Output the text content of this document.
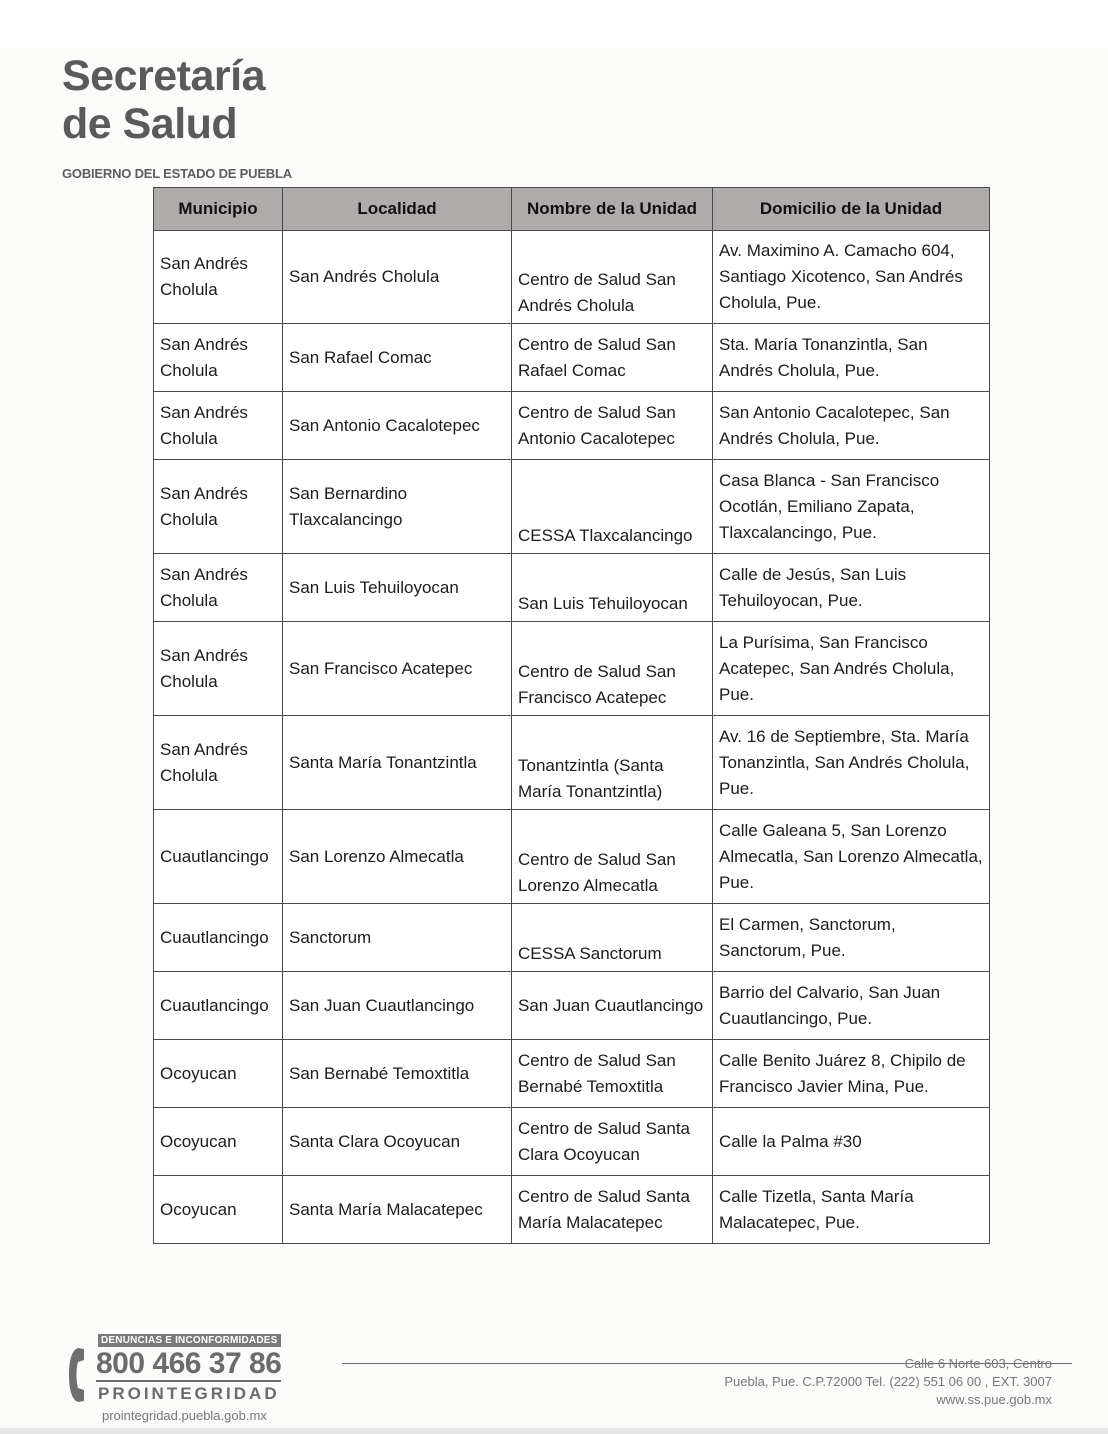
Secretaría
de Salud
GOBIERNO DEL ESTADO DE PUEBLA
Municipio	Localidad	Nombre de la Unidad	Domicilio de la Unidad
San Andrés Cholula	San Andrés Cholula	Centro de Salud San Andrés Cholula	Av. Maximino A. Camacho 604, Santiago Xicotenco, San Andrés Cholula, Pue.
San Andrés Cholula	San Rafael Comac	Centro de Salud San Rafael Comac	Sta. María Tonanzintla, San Andrés Cholula, Pue.
San Andrés Cholula	San Antonio Cacalotepec	Centro de Salud San Antonio Cacalotepec	San Antonio Cacalotepec, San Andrés Cholula, Pue.
San Andrés Cholula	San Bernardino Tlaxcalancingo	CESSA Tlaxcalancingo	Casa Blanca - San Francisco Ocotlán, Emiliano Zapata, Tlaxcalancingo, Pue.
San Andrés Cholula	San Luis Tehuiloyocan	San Luis Tehuiloyocan	Calle de Jesús, San Luis Tehuiloyocan, Pue.
San Andrés Cholula	San Francisco Acatepec	Centro de Salud San Francisco Acatepec	La Purísima, San Francisco Acatepec, San Andrés Cholula, Pue.
San Andrés Cholula	Santa María Tonantzintla	Tonantzintla (Santa María Tonantzintla)	Av. 16 de Septiembre, Sta. María Tonanzintla, San Andrés Cholula, Pue.
Cuautlancingo	San Lorenzo Almecatla	Centro de Salud San Lorenzo Almecatla	Calle Galeana 5, San Lorenzo Almecatla, San Lorenzo Almecatla, Pue.
Cuautlancingo	Sanctorum	CESSA Sanctorum	El Carmen, Sanctorum, Sanctorum, Pue.
Cuautlancingo	San Juan Cuautlancingo	San Juan Cuautlancingo	Barrio del Calvario, San Juan Cuautlancingo, Pue.
Ocoyucan	San Bernabé Temoxtitla	Centro de Salud San Bernabé Temoxtitla	Calle Benito Juárez 8, Chipilo de Francisco Javier Mina, Pue.
Ocoyucan	Santa Clara Ocoyucan	Centro de Salud Santa Clara Ocoyucan	Calle la Palma #30
Ocoyucan	Santa María Malacatepec	Centro de Salud Santa María Malacatepec	Calle Tizetla, Santa María Malacatepec, Pue.
DENUNCIAS E INCONFORMIDADES
800 466 37 86
PROINTEGRIDAD
prointegridad.puebla.gob.mx
Calle 6 Norte 603, Centro
Puebla, Pue. C.P.72000 Tel. (222) 551 06 00 , EXT. 3007
www.ss.pue.gob.mx
